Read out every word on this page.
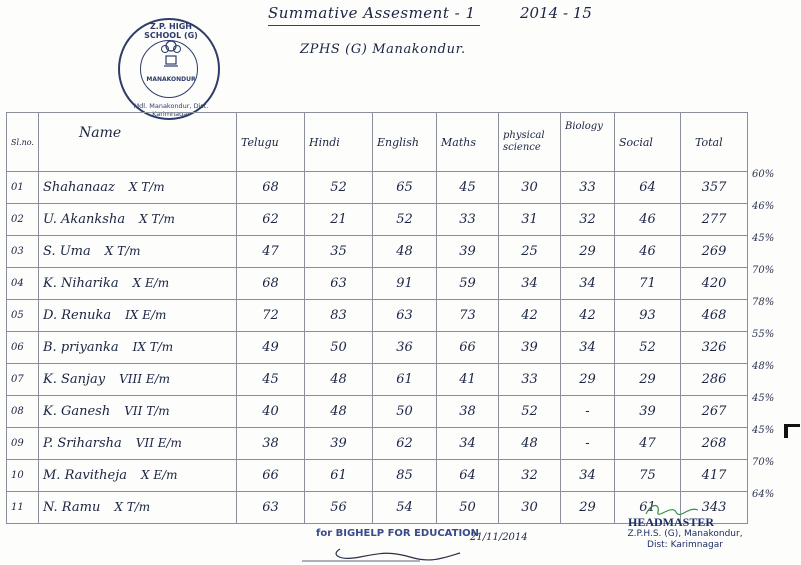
Summative Assesment - 1	2014 - 15
ZPHS (G) Manakondur.
Z.P. HIGH SCHOOL (G)
MANAKONDUR
Mdl. Manakondur, Dist. Karimnagar
Sl.no.	Name	Telugu	Hindi	English	Maths	physical science	Biology	Social	Total
01	Shahanaaz X T/m	68	52	65	45	30	33	64	357
02	U. Akanksha X T/m	62	21	52	33	31	32	46	277
03	S. Uma X T/m	47	35	48	39	25	29	46	269
04	K. Niharika X E/m	68	63	91	59	34	34	71	420
05	D. Renuka IX E/m	72	83	63	73	42	42	93	468
06	B. priyanka IX T/m	49	50	36	66	39	34	52	326
07	K. Sanjay VIII E/m	45	48	61	41	33	29	29	286
08	K. Ganesh VII T/m	40	48	50	38	52	-	39	267
09	P. Sriharsha VII E/m	38	39	62	34	48	-	47	268
10	M. Ravitheja X E/m	66	61	85	64	32	34	75	417
11	N. Ramu X T/m	63	56	54	50	30	29	61	343
60%
46%
45%
70%
78%
55%
48%
45%
45%
70%
64%
for BIGHELP FOR EDUCATION
21/11/2014
HEADMASTER
Z.P.H.S. (G), Manakondur,
Dist: Karimnagar
